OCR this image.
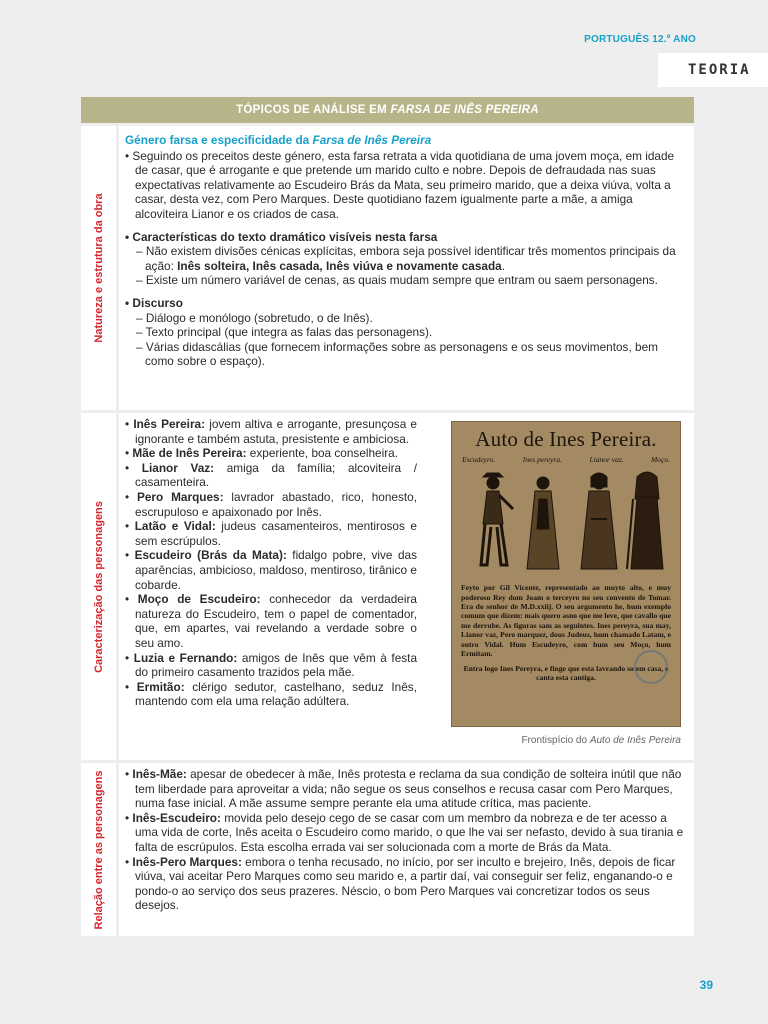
PORTUGUÊS 12.º ANO
TEORIA
TÓPICOS DE ANÁLISE EM
FARSA DE INÊS PEREIRA
Natureza e estrutura da obra

Género farsa e especificidade da Farsa de Inês Pereira

• Seguindo os preceitos deste género, esta farsa retrata a vida quotidiana de uma jovem moça, em idade de casar, que é arrogante e que pretende um marido culto e nobre. Depois de defraudada nas suas expectativas relativamente ao Escudeiro Brás da Mata, seu primeiro marido, que a deixa viúva, volta a casar, desta vez, com Pero Marques. Deste quotidiano fazem igualmente parte a mãe, a amiga alcoviteira Lianor e os criados de casa.

• Características do texto dramático visíveis nesta farsa

– Não existem divisões cénicas explícitas, embora seja possível identificar três momentos principais da ação: Inês solteira, Inês casada, Inês viúva e novamente casada.

– Existe um número variável de cenas, as quais mudam sempre que entram ou saem personagens.

• Discurso

– Diálogo e monólogo (sobretudo, o de Inês).

– Texto principal (que integra as falas das personagens).

– Várias didascálias (que fornecem informações sobre as personagens e os seus movimentos, bem como sobre o espaço).

Caracterização das personagens

• Inês Pereira: jovem altiva e arrogante, presunçosa e ignorante e também astuta, presistente e ambiciosa.

• Mãe de Inês Pereira: experiente, boa conselheira.

• Lianor Vaz: amiga da família; alcoviteira / casamenteira.

• Pero Marques: lavrador abastado, rico, honesto, escrupuloso e apaixonado por Inês.

• Latão e Vidal: judeus casamenteiros, mentirosos e sem escrúpulos.

• Escudeiro (Brás da Mata): fidalgo pobre, vive das aparências, ambicioso, maldoso, mentiroso, tirânico e cobarde.

• Moço de Escudeiro: conhecedor da verdadeira natureza do Escudeiro, tem o papel de comentador, que, em apartes, vai revelando a verdade sobre o seu amo.

• Luzia e Fernando: amigos de Inês que vêm à festa do primeiro casamento trazidos pela mãe.

• Ermitão: clérigo sedutor, castelhano, seduz Inês, mantendo com ela uma relação adúltera.

Auto de Ines Pereira.
Escudeyro.	Ines pereyra.	Lianor vaz.	Moço.
Feyto por Gil Vicente, representado ao muyto alto, e muy poderoso Rey dom Joam o terceyro no seu convento de Tomar. Era do senhor de M.D.xxiij. O seu argumento he, hum exemplo comum que dizem: mais quero asno que me leve, que cavallo que me derrube. As figuras sam as seguintes. Ines pereyra, sua may, Lianor vaz, Pero marquez, dous Judeus, hum chamado Latam, e outro Vidal. Hum Escudeyro, com hum seu Moço, hum Ermitam.
Entra logo Ines Pereyra, e finge que esta lavrando so em casa, e canta esta cantiga.
Frontispício do Auto de Inês Pereira
Relação entre as personagens

•	Inês-Mãe: apesar de obedecer à mãe, Inês protesta e reclama da sua condição de solteira inútil que não tem liberdade para aproveitar a vida; não segue os seus conselhos e recusa casar com Pero Marques, numa fase inicial. A mãe assume sempre perante ela uma atitude crítica, mas paciente.

• Inês-Escudeiro: movida pelo desejo cego de se casar com um membro da nobreza e de ter acesso a uma vida de corte, Inês aceita o Escudeiro como marido, o que lhe vai ser nefasto, devido à sua tirania e falta de escrúpulos. Esta escolha errada vai ser solucionada com a morte de Brás da Mata.

• Inês-Pero Marques: embora o tenha recusado, no início, por ser inculto e brejeiro, Inês, depois de ficar viúva, vai aceitar Pero Marques como seu marido e, a partir daí, vai conseguir ser feliz, enganando-o e pondo-o ao serviço dos seus prazeres. Néscio, o bom Pero Marques vai concretizar todos os seus desejos.

39
